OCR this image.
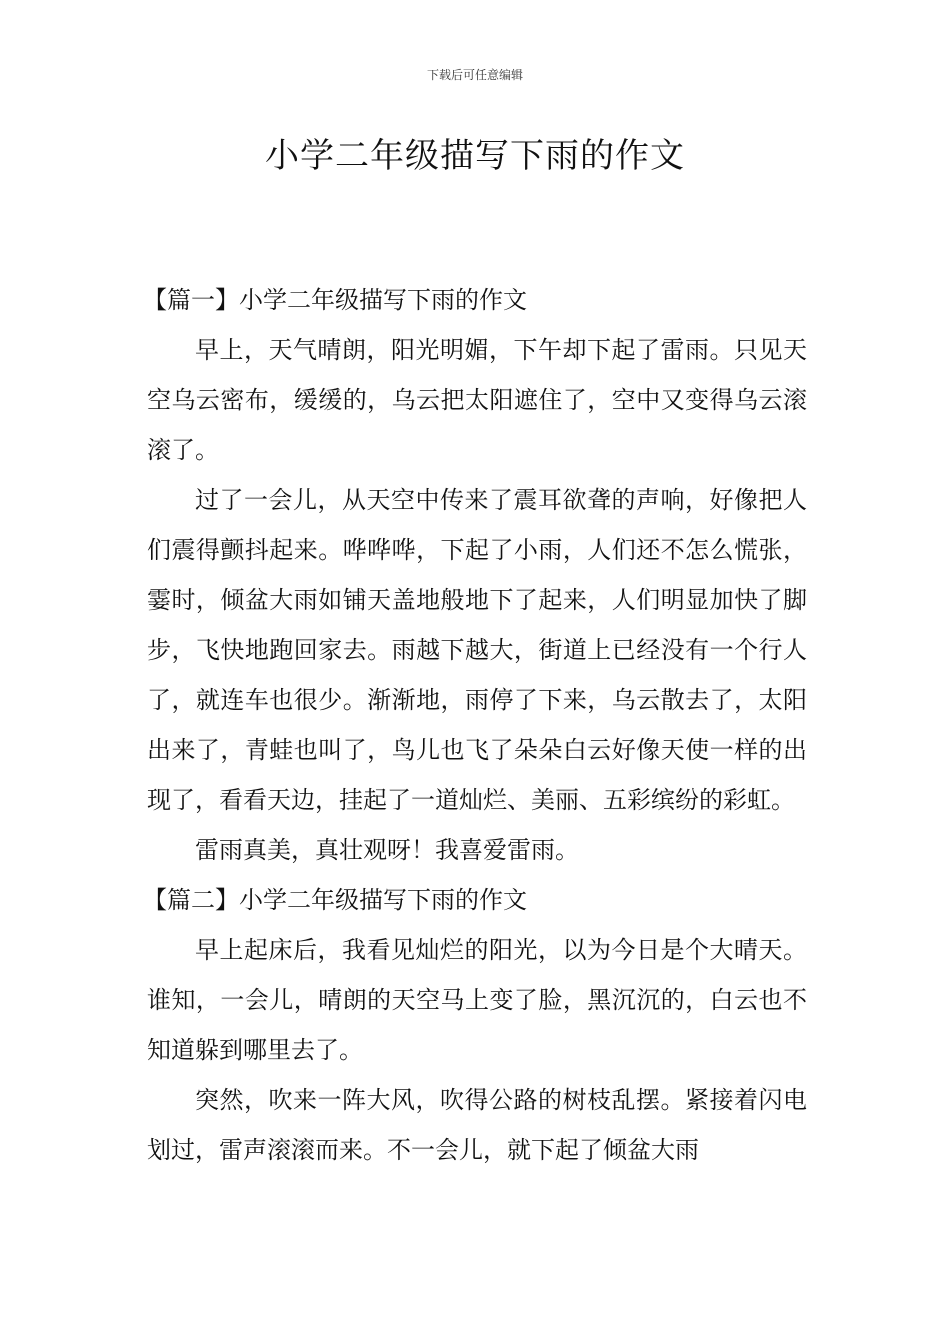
下载后可任意编辑
小学二年级描写下雨的作文

【篇一】小学二年级描写下雨的作文

早上，天气晴朗，阳光明媚，下午却下起了雷雨。只见天空乌云密布，缓缓的，乌云把太阳遮住了，空中又变得乌云滚滚了。

过了一会儿，从天空中传来了震耳欲聋的声响，好像把人们震得颤抖起来。哗哗哗，下起了小雨，人们还不怎么慌张，霎时，倾盆大雨如铺天盖地般地下了起来，人们明显加快了脚步，飞快地跑回家去。雨越下越大，街道上已经没有一个行人了，就连车也很少。渐渐地，雨停了下来，乌云散去了，太阳出来了，青蛙也叫了，鸟儿也飞了朵朵白云好像天使一样的出现了，看看天边，挂起了一道灿烂、美丽、五彩缤纷的彩虹。

雷雨真美，真壮观呀！我喜爱雷雨。

【篇二】小学二年级描写下雨的作文

早上起床后，我看见灿烂的阳光，以为今日是个大晴天。谁知，一会儿，晴朗的天空马上变了脸，黑沉沉的，白云也不知道躲到哪里去了。

突然，吹来一阵大风，吹得公路的树枝乱摆。紧接着闪电划过，雷声滚滚而来。不一会儿，就下起了倾盆大雨
